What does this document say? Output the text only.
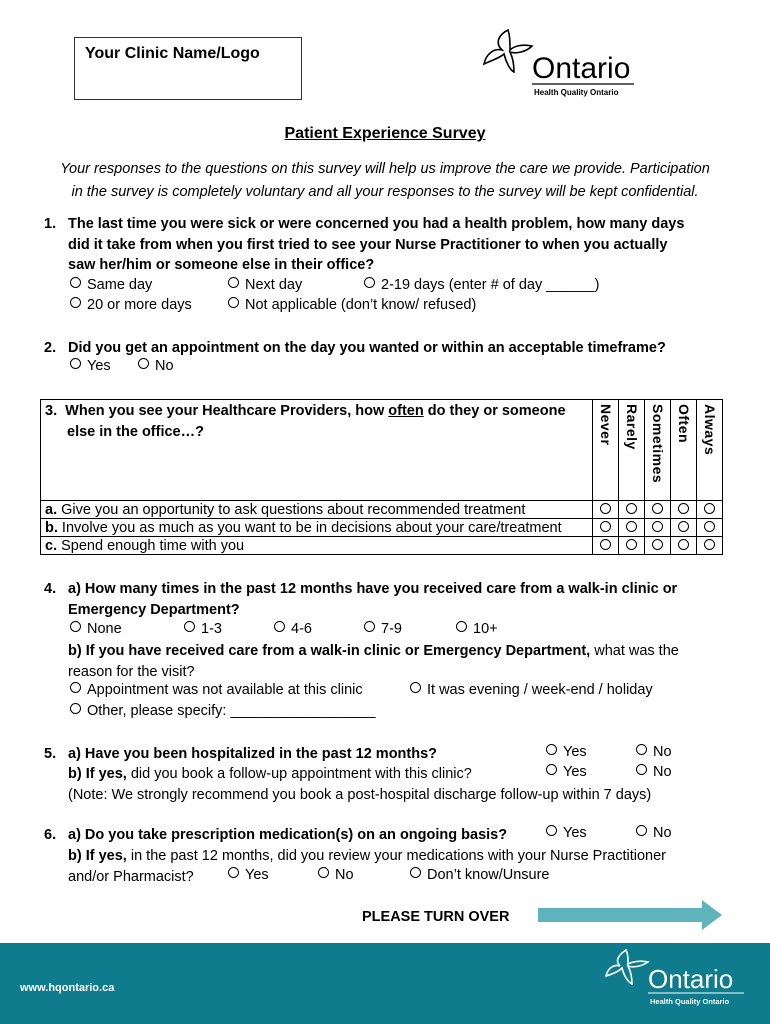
Your Clinic Name/Logo	Ontario
Health Quality Ontario
Patient Experience Survey
Your responses to the questions on this survey will help us improve the care we provide. Participation
in the survey is completely voluntary and all your responses to the survey will be kept confidential.
1. The last time you were sick or were concerned you had a health problem, how many days
did it take from when you first tried to see your Nurse Practitioner to when you actually
saw her/him or someone else in their office?
Same day	Next day	2-19 days (enter # of day ______)
20 or more days	Not applicable (don’t know/ refused)
2. Did you get an appointment on the day you wanted or within an acceptable timeframe?
Yes	No
3. When you see your Healthcare Providers, how often do they or someone
else in the office…?	Never	Rarely	Sometimes	Often	Always

a. Give you an opportunity to ask questions about recommended treatment					
b. Involve you as much as you want to be in decisions about your care/treatment					
c. Spend enough time with you					
4. a) How many times in the past 12 months have you received care from a walk-in clinic or
Emergency Department?
None	1-3	4-6	7-9	10+
b) If you have received care from a walk-in clinic or Emergency Department, what was the
reason for the visit?
Appointment was not available at this clinic	It was evening / week-end / holiday
Other, please specify: __________________
5. a) Have you been hospitalized in the past 12 months?	Yes	No
b) If yes, did you book a follow-up appointment with this clinic?	Yes	No
(Note: We strongly recommend you book a post-hospital discharge follow-up within 7 days)
6. a) Do you take prescription medication(s) on an ongoing basis?	Yes	No
b) If yes, in the past 12 months, did you review your medications with your Nurse Practitioner
and/or Pharmacist?	Yes	No	Don’t know/Unsure
PLEASE TURN OVER
www.hqontario.ca	Ontario
Health Quality Ontario
